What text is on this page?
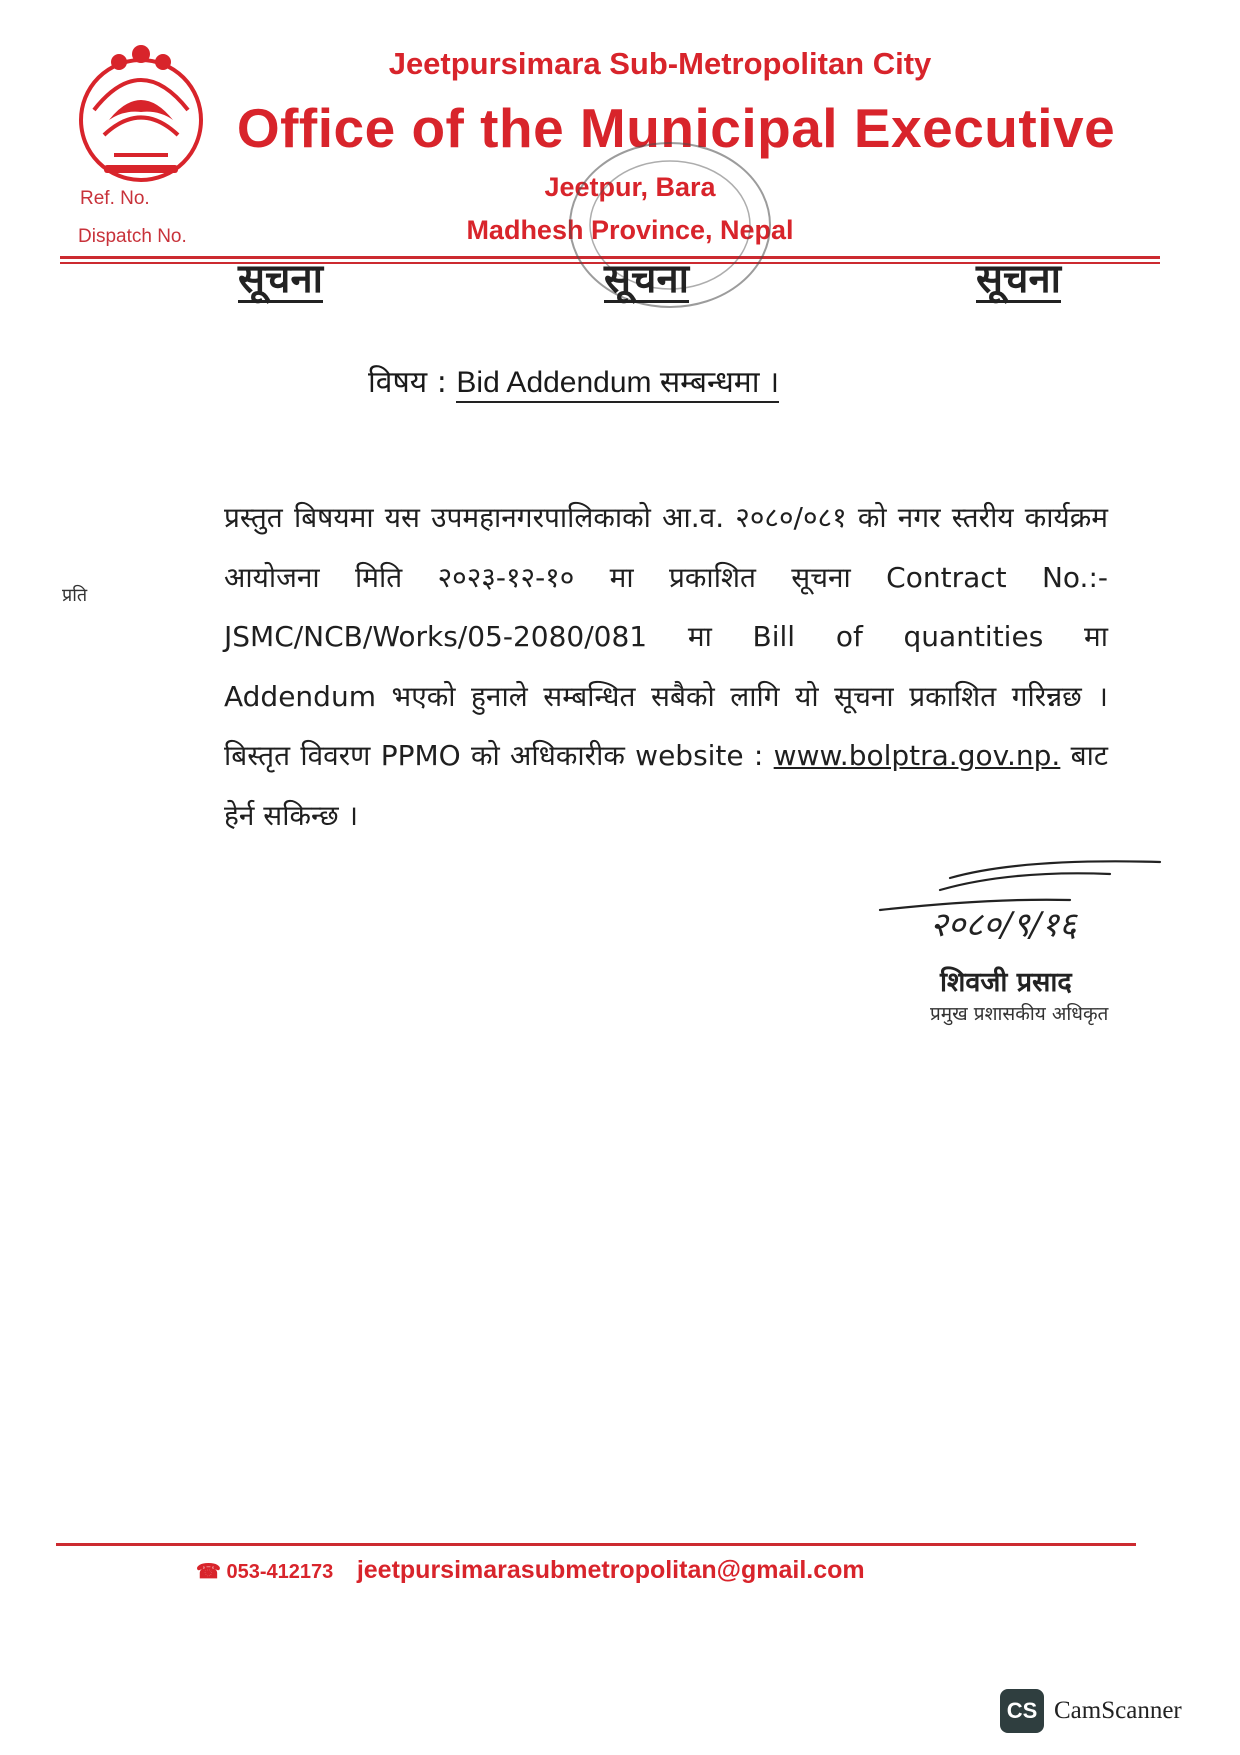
Jeetpursimara Sub-Metropolitan City
Office of the Municipal Executive
Jeetpur, Bara
Madhesh Province, Nepal
Ref. No.
Dispatch No.
सूचना	सूचना	सूचना
विषय : Bid Addendum सम्बन्धमा ।
प्रति
प्रस्तुत बिषयमा यस उपमहानगरपालिकाको आ.व. २०८०/०८१ को नगर स्तरीय कार्यक्रम आयोजना मिति २०२३-१२-१० मा प्रकाशित सूचना Contract No.:-JSMC/NCB/Works/05-2080/081 मा Bill of quantities मा Addendum भएको हुनाले सम्बन्धित सबैको लागि यो सूचना प्रकाशित गरिन्नछ । बिस्तृत विवरण PPMO को अधिकारीक website : www.bolptra.gov.np. बाट हेर्न सकिन्छ ।
२०८०/९/१६
शिवजी प्रसाद
प्रमुख प्रशासकीय अधिकृत
☎ 053-412173 jeetpursimarasubmetropolitan@gmail.com
CS CamScanner
